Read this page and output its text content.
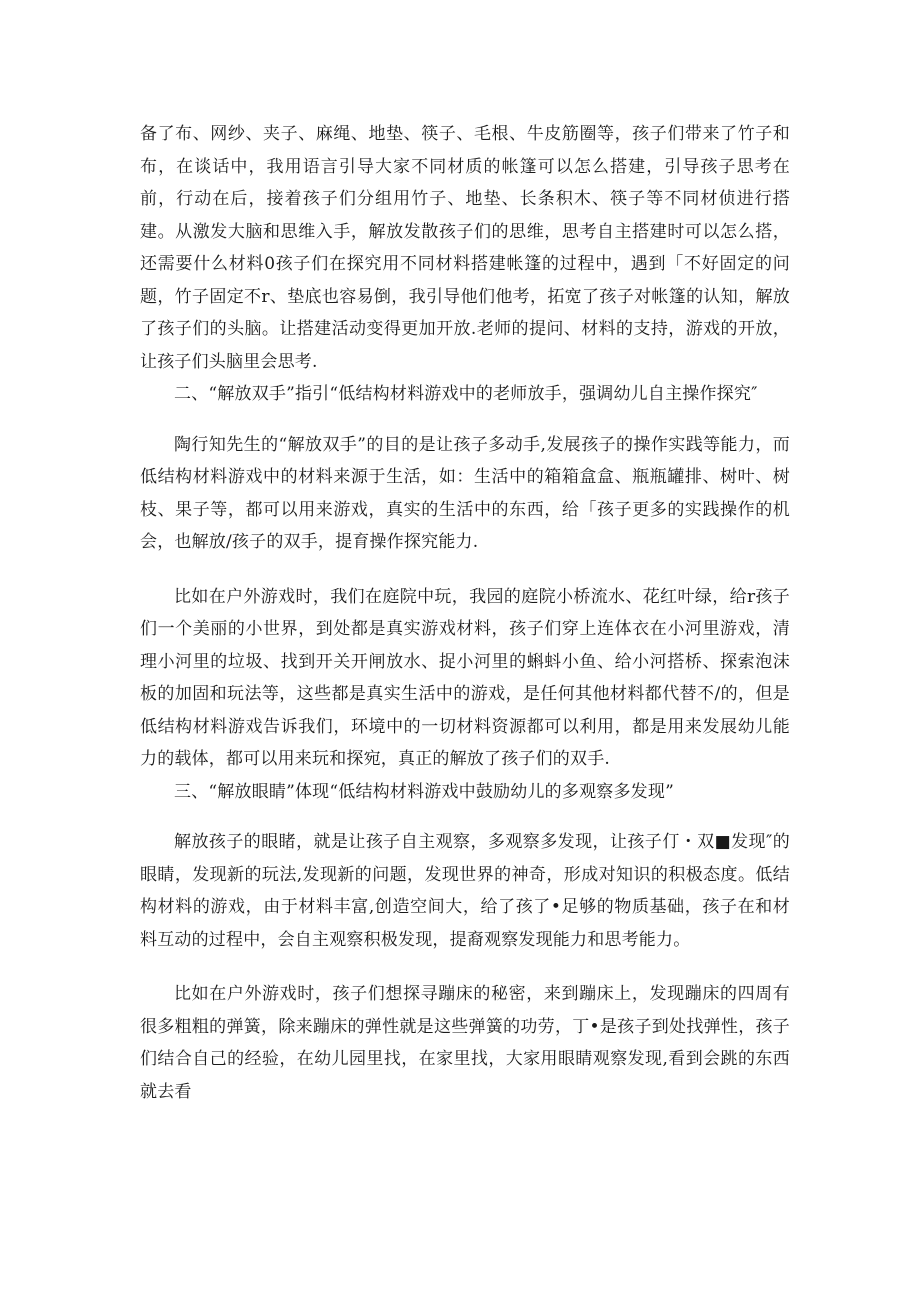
备了布、网纱、夹子、麻绳、地垫、筷子、毛根、牛皮筋圈等，孩子们带来了竹子和布，在谈话中，我用语言引导大家不同材质的帐篷可以怎么搭建，引导孩子思考在前，行动在后，接着孩子们分组用竹子、地垫、长条积木、筷子等不同材侦进行搭建。从激发大脑和思维入手，解放发散孩子们的思维，思考自主搭建时可以怎么搭，还需要什么材料0孩子们在探究用不同材料搭建帐篷的过程中，遇到「不好固定的问题，竹子固定不r、垫底也容易倒，我引导他们他考，拓宽了孩子对帐篷的认知，解放了孩子们的头脑。让搭建活动变得更加开放.老师的提问、材料的支持，游戏的开放，让孩子们头脑里会思考.

二、“解放双手”指引“低结构材料游戏中的老师放手，强调幼儿自主操作探究″

陶行知先生的“解放双手”的目的是让孩子多动手,发展孩子的操作实践等能力，而低结构材料游戏中的材料来源于生活，如：生活中的箱箱盒盒、瓶瓶罐排、树叶、树枝、果子等，都可以用来游戏，真实的生活中的东西，给「孩子更多的实践操作的机会，也解放/孩子的双手，提育操作探究能力.

比如在户外游戏时，我们在庭院中玩，我园的庭院小桥流水、花红叶绿，给r孩子们一个美丽的小世界，到处都是真实游戏材料，孩子们穿上连体衣在小河里游戏，清理小河里的垃圾、找到开关开闸放水、捉小河里的蝌蚪小鱼、给小河搭桥、探索泡沫板的加固和玩法等，这些都是真实生活中的游戏，是任何其他材料都代替不/的，但是低结构材料游戏告诉我们，环境中的一切材料资源都可以利用，都是用来发展幼儿能力的载体，都可以用来玩和探宛，真正的解放了孩子们的双手.

三、“解放眼睛”体现“低结构材料游戏中鼓励幼儿的多观察多发现”

解放孩子的眼睹，就是让孩子自主观察，多观察多发现，让孩子仃・双■发现″的眼睛，发现新的玩法,发现新的问题，发现世界的神奇，形成对知识的积极态度。低结构材料的游戏，由于材料丰富,创造空间大，给了孩了•足够的物质基础，孩子在和材料互动的过程中，会自主观察积极发现，提裔观察发现能力和思考能力。

比如在户外游戏时，孩子们想探寻蹦床的秘密，来到蹦床上，发现蹦床的四周有很多粗粗的弹簧，除来蹦床的弹性就是这些弹簧的功劳，丁•是孩子到处找弹性，孩子们结合自己的经验，在幼儿园里找，在家里找，大家用眼睛观察发现,看到会跳的东西就去看
